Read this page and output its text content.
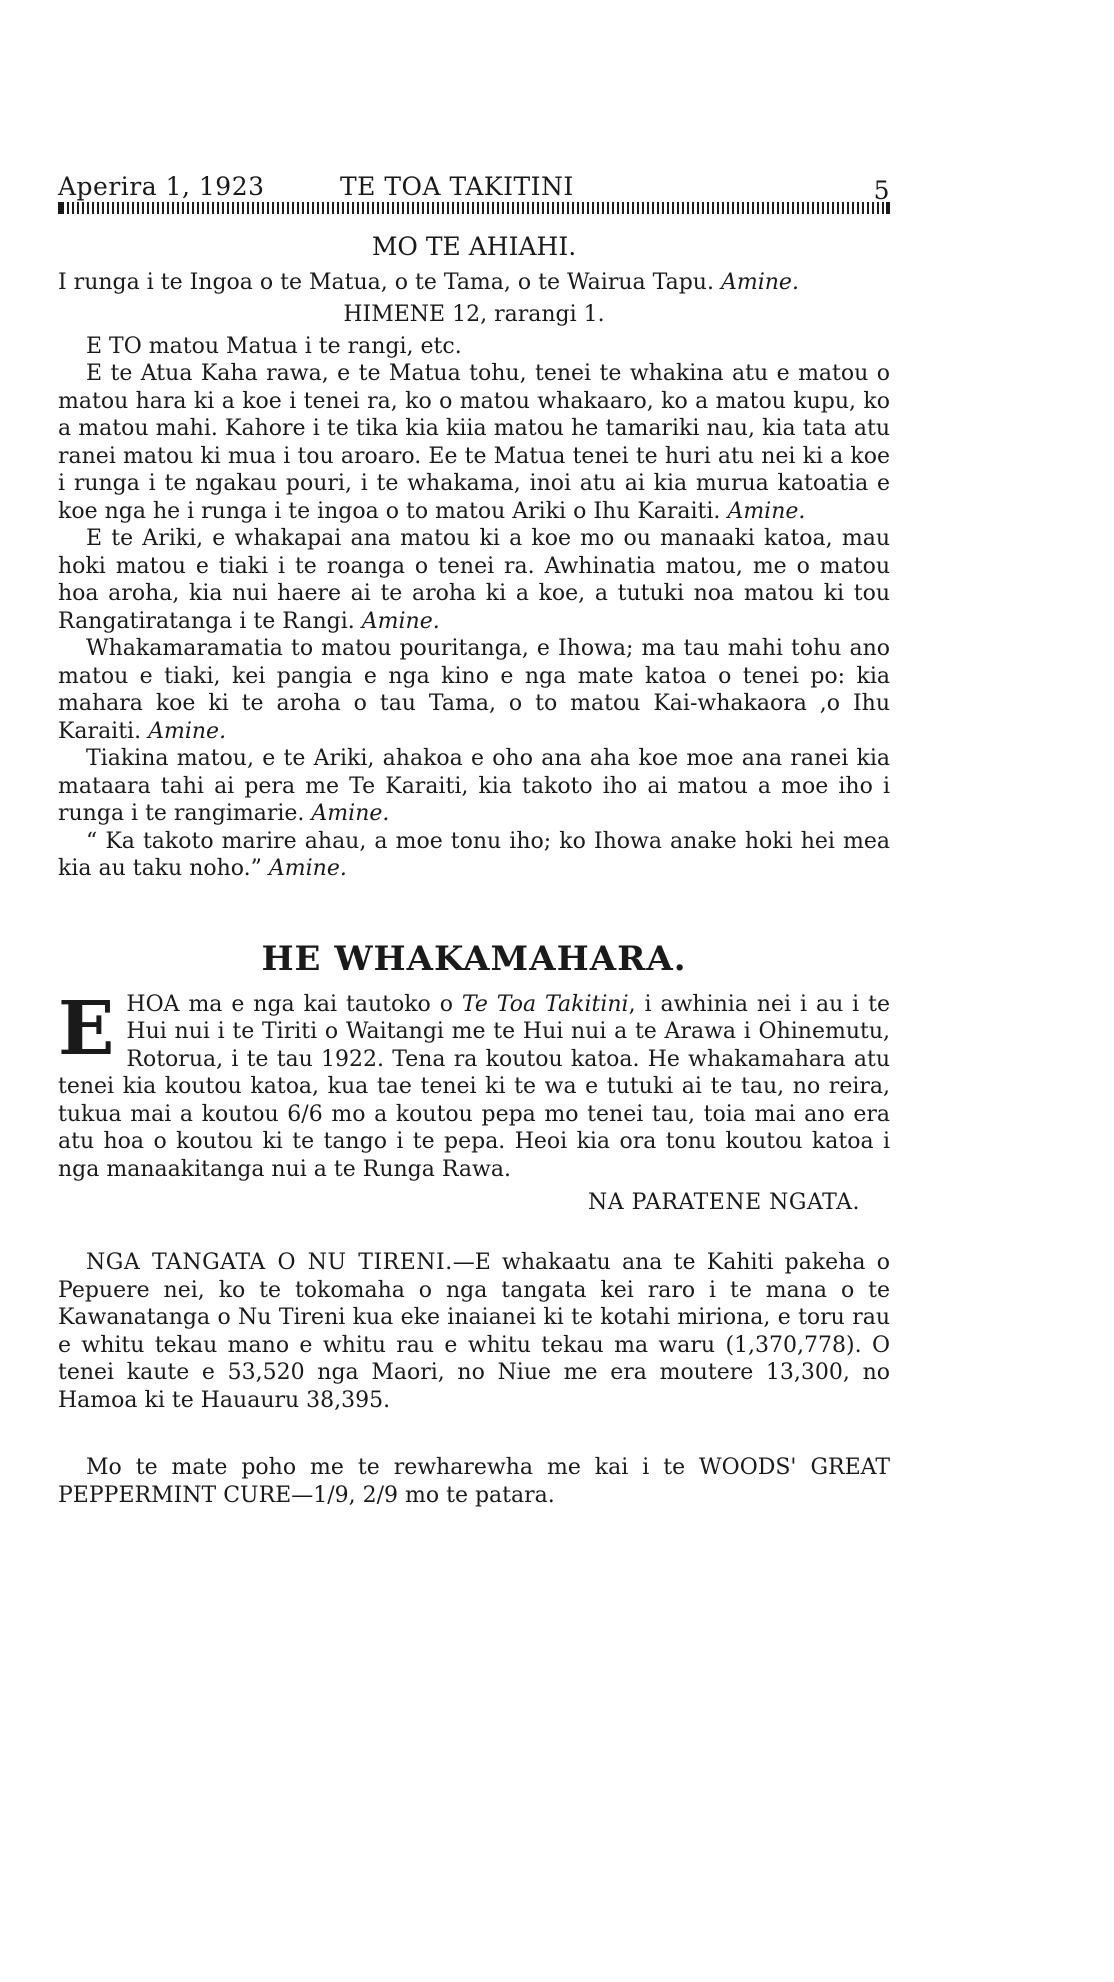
Aperira 1, 1923	TE TOA TAKITINI	5
MO TE AHIAHI.

I runga i te Ingoa o te Matua, o te Tama, o te Wairua Tapu. Amine.

HIMENE 12, rarangi 1.

E TO matou Matua i te rangi, etc.

E te Atua Kaha rawa, e te Matua tohu, tenei te whakina atu e matou o matou hara ki a koe i tenei ra, ko o matou whakaaro, ko a matou kupu, ko a matou mahi. Kahore i te tika kia kiia matou he tamariki nau, kia tata atu ranei matou ki mua i tou aroaro. Ee te Matua tenei te huri atu nei ki a koe i runga i te ngakau pouri, i te whakama, inoi atu ai kia murua katoatia e koe nga he i runga i te ingoa o to matou Ariki o Ihu Karaiti. Amine.

E te Ariki, e whakapai ana matou ki a koe mo ou manaaki katoa, mau hoki matou e tiaki i te roanga o tenei ra. Awhinatia matou, me o matou hoa aroha, kia nui haere ai te aroha ki a koe, a tutuki noa matou ki tou Rangatiratanga i te Rangi. Amine.

Whakamaramatia to matou pouritanga, e Ihowa; ma tau mahi tohu ano matou e tiaki, kei pangia e nga kino e nga mate katoa o tenei po: kia mahara koe ki te aroha o tau Tama, o to matou Kai-whakaora ,o Ihu Karaiti. Amine.

Tiakina matou, e te Ariki, ahakoa e oho ana aha koe moe ana ranei kia mataara tahi ai pera me Te Karaiti, kia takoto iho ai matou a moe iho i runga i te rangimarie. Amine.

“ Ka takoto marire ahau, a moe tonu iho; ko Ihowa anake hoki hei mea kia au taku noho.” Amine.

HE WHAKAMAHARA.
E HOA ma e nga kai tautoko o Te Toa Takitini, i awhinia nei i au i te Hui nui i te Tiriti o Waitangi me te Hui nui a te Arawa i Ohinemutu, Rotorua, i te tau 1922. Tena ra koutou katoa. He whakamahara atu tenei kia koutou katoa, kua tae tenei ki te wa e tutuki ai te tau, no reira, tukua mai a koutou 6/6 mo a koutou pepa mo tenei tau, toia mai ano era atu hoa o koutou ki te tango i te pepa. Heoi kia ora tonu koutou katoa i nga manaakitanga nui a te Runga Rawa.

NA PARATENE NGATA.

NGA TANGATA O NU TIRENI.—E whakaatu ana te Kahiti pakeha o Pepuere nei, ko te tokomaha o nga tangata kei raro i te mana o te Kawanatanga o Nu Tireni kua eke inaianei ki te kotahi miriona, e toru rau e whitu tekau mano e whitu rau e whitu tekau ma waru (1,370,778). O tenei kaute e 53,520 nga Maori, no Niue me era moutere 13,300, no Hamoa ki te Hauauru 38,395.

Mo te mate poho me te rewharewha me kai i te WOODS' GREAT PEPPERMINT CURE—1/9, 2/9 mo te patara.
